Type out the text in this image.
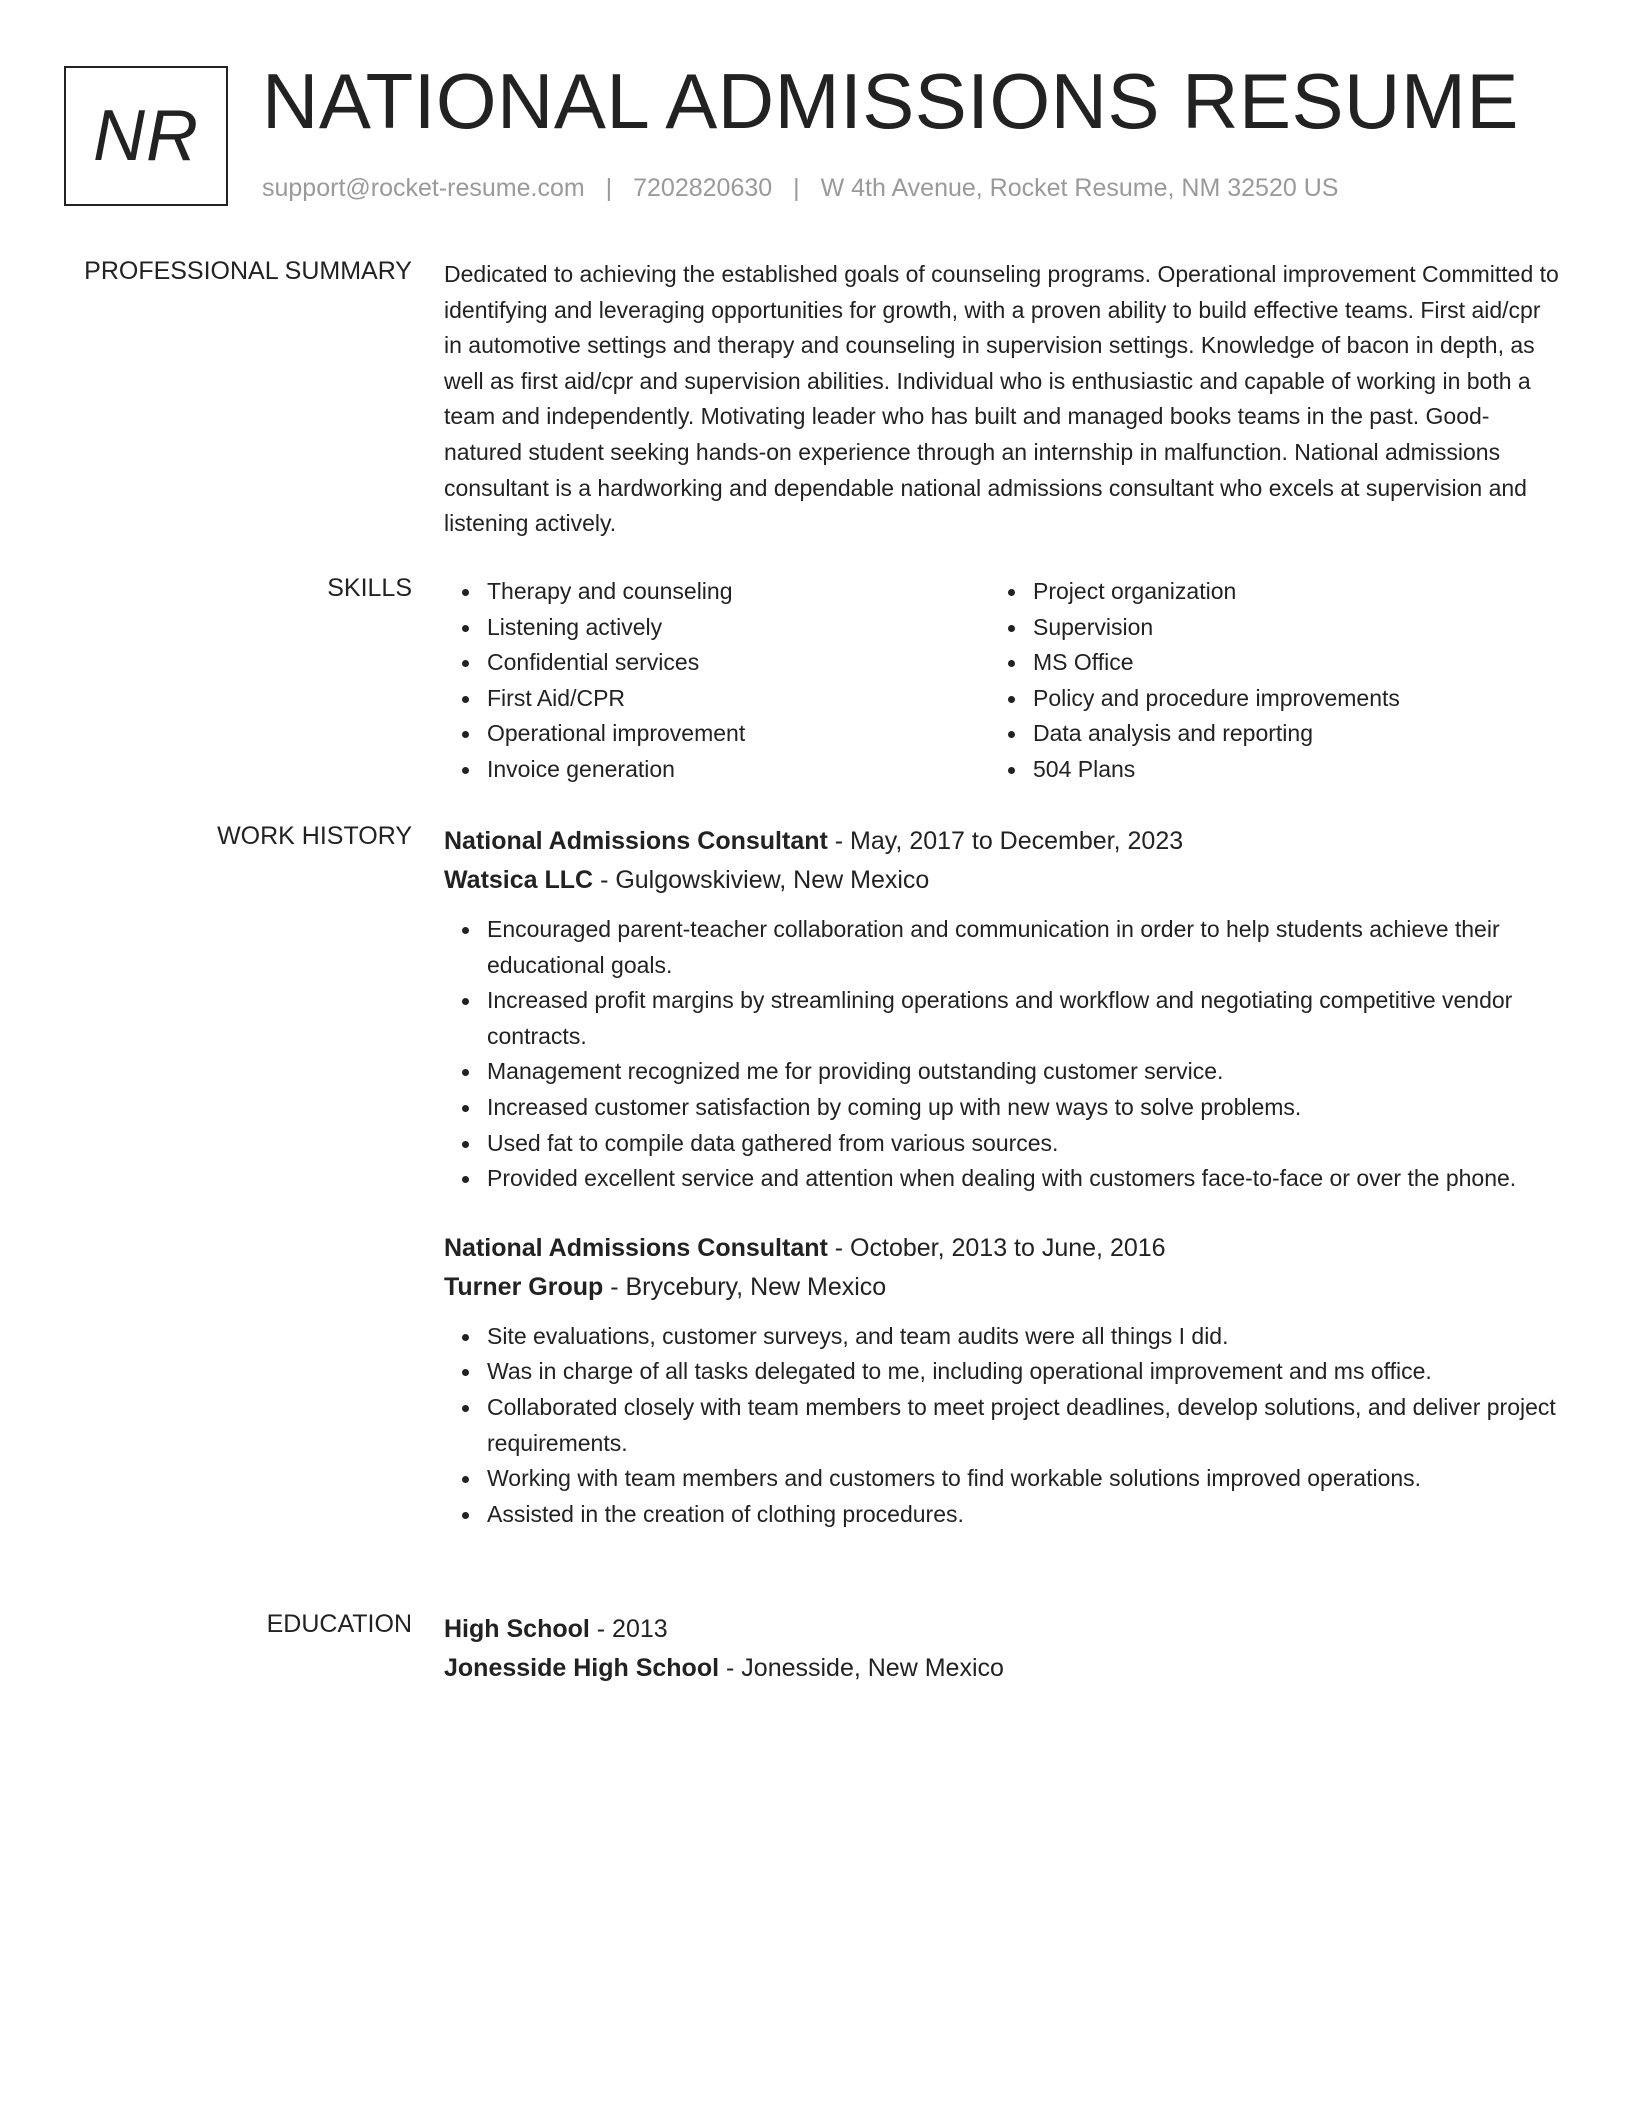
NR NATIONAL ADMISSIONS RESUME
support@rocket-resume.com | 7202820630 | W 4th Avenue, Rocket Resume, NM 32520 US
PROFESSIONAL SUMMARY Dedicated to achieving the established goals of counseling programs. Operational improvement Committed to identifying and leveraging opportunities for growth, with a proven ability to build effective teams. First aid/cpr in automotive settings and therapy and counseling in supervision settings. Knowledge of bacon in depth, as well as first aid/cpr and supervision abilities. Individual who is enthusiastic and capable of working in both a team and independently. Motivating leader who has built and managed books teams in the past. Good-natured student seeking hands-on experience through an internship in malfunction. National admissions consultant is a hardworking and dependable national admissions consultant who excels at supervision and listening actively.

SKILLS	Therapy and counseling
Listening actively
Confidential services
First Aid/CPR
Operational improvement
Invoice generation
Project organization
Supervision
MS Office
Policy and procedure improvements
Data analysis and reporting
504 Plans
WORK HISTORY National Admissions Consultant - May, 2017 to December, 2023
Watsica LLC - Gulgowskiview, New Mexico
Encouraged parent-teacher collaboration and communication in order to help students achieve their educational goals.
Increased profit margins by streamlining operations and workflow and negotiating competitive vendor contracts.
Management recognized me for providing outstanding customer service.
Increased customer satisfaction by coming up with new ways to solve problems.
Used fat to compile data gathered from various sources.
Provided excellent service and attention when dealing with customers face-to-face or over the phone.
National Admissions Consultant - October, 2013 to June, 2016
Turner Group - Brycebury, New Mexico
Site evaluations, customer surveys, and team audits were all things I did.
Was in charge of all tasks delegated to me, including operational improvement and ms office.
Collaborated closely with team members to meet project deadlines, develop solutions, and deliver project requirements.
Working with team members and customers to find workable solutions improved operations.
Assisted in the creation of clothing procedures.
EDUCATION High School - 2013
Jonesside High School - Jonesside, New Mexico
